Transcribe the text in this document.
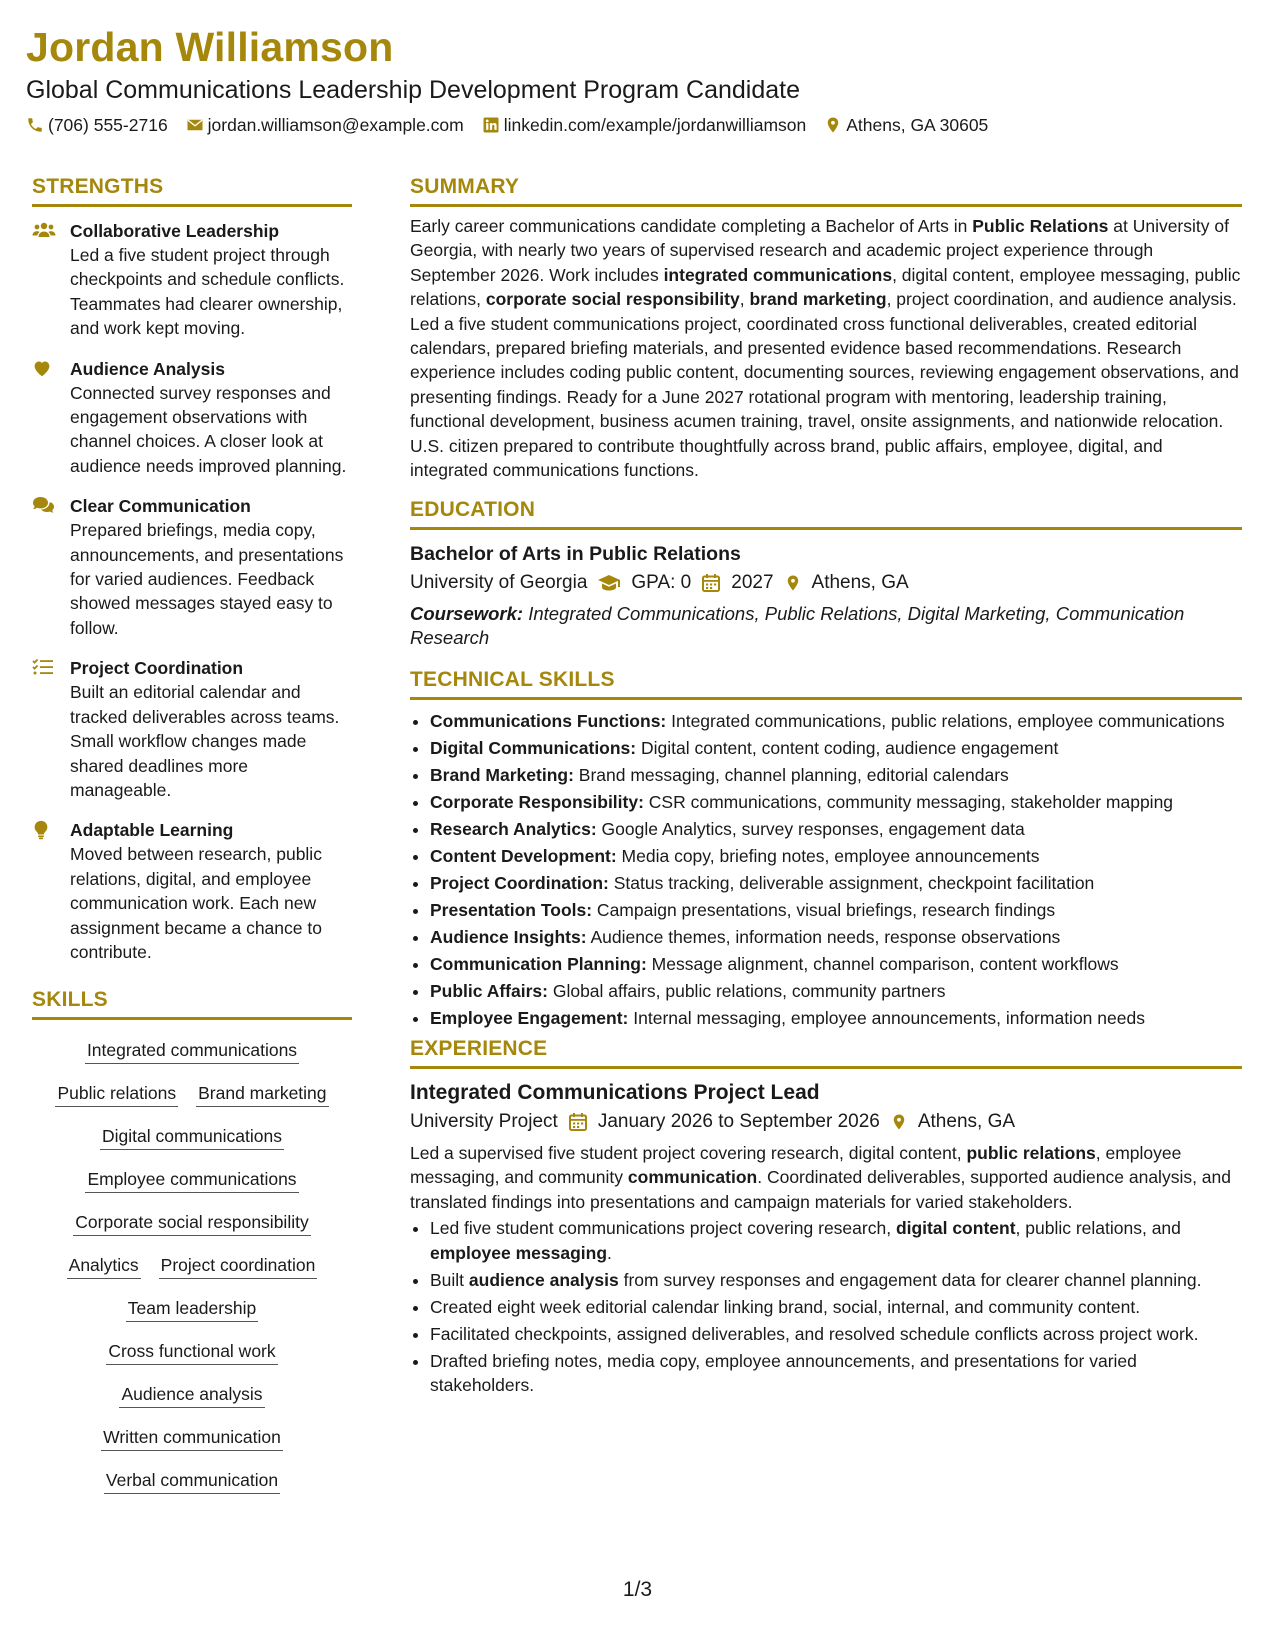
Jordan Williamson
Global Communications Leadership Development Program Candidate
(706) 555-2716 jordan.williamson@example.com linkedin.com/example/jordanwilliamson Athens, GA 30605
STRENGTHS
Collaborative Leadership
Led a five student project through checkpoints and schedule conflicts. Teammates had clearer ownership, and work kept moving.
Audience Analysis
Connected survey responses and engagement observations with channel choices. A closer look at audience needs improved planning.
Clear Communication
Prepared briefings, media copy, announcements, and presentations for varied audiences. Feedback showed messages stayed easy to follow.
Project Coordination
Built an editorial calendar and tracked deliverables across teams. Small workflow changes made shared deadlines more manageable.
Adaptable Learning
Moved between research, public relations, digital, and employee communication work. Each new assignment became a chance to contribute.
SKILLS
Integrated communications
Public relations Brand marketing
Digital communications
Employee communications
Corporate social responsibility
Analytics Project coordination
Team leadership
Cross functional work
Audience analysis
Written communication
Verbal communication
SUMMARY
Early career communications candidate completing a Bachelor of Arts in Public Relations at University of Georgia, with nearly two years of supervised research and academic project experience through September 2026. Work includes integrated communications, digital content, employee messaging, public relations, corporate social responsibility, brand marketing, project coordination, and audience analysis. Led a five student communications project, coordinated cross functional deliverables, created editorial calendars, prepared briefing materials, and presented evidence based recommendations. Research experience includes coding public content, documenting sources, reviewing engagement observations, and presenting findings. Ready for a June 2027 rotational program with mentoring, leadership training, functional development, business acumen training, travel, onsite assignments, and nationwide relocation. U.S. citizen prepared to contribute thoughtfully across brand, public affairs, employee, digital, and integrated communications functions.
EDUCATION
Bachelor of Arts in Public Relations
University of Georgia GPA: 0 2027 Athens, GA
Coursework: Integrated Communications, Public Relations, Digital Marketing, Communication Research
TECHNICAL SKILLS
• Communications Functions: Integrated communications, public relations, employee communications
• Digital Communications: Digital content, content coding, audience engagement
• Brand Marketing: Brand messaging, channel planning, editorial calendars
• Corporate Responsibility: CSR communications, community messaging, stakeholder mapping
• Research Analytics: Google Analytics, survey responses, engagement data
• Content Development: Media copy, briefing notes, employee announcements
• Project Coordination: Status tracking, deliverable assignment, checkpoint facilitation
• Presentation Tools: Campaign presentations, visual briefings, research findings
• Audience Insights: Audience themes, information needs, response observations
• Communication Planning: Message alignment, channel comparison, content workflows
• Public Affairs: Global affairs, public relations, community partners
• Employee Engagement: Internal messaging, employee announcements, information needs
EXPERIENCE
Integrated Communications Project Lead
University Project January 2026 to September 2026 Athens, GA
Led a supervised five student project covering research, digital content, public relations, employee messaging, and community communication. Coordinated deliverables, supported audience analysis, and translated findings into presentations and campaign materials for varied stakeholders.
• Led five student communications project covering research, digital content, public relations, and employee messaging.
• Built audience analysis from survey responses and engagement data for clearer channel planning.
• Created eight week editorial calendar linking brand, social, internal, and community content.
• Facilitated checkpoints, assigned deliverables, and resolved schedule conflicts across project work.
• Drafted briefing notes, media copy, employee announcements, and presentations for varied stakeholders.
1/3
